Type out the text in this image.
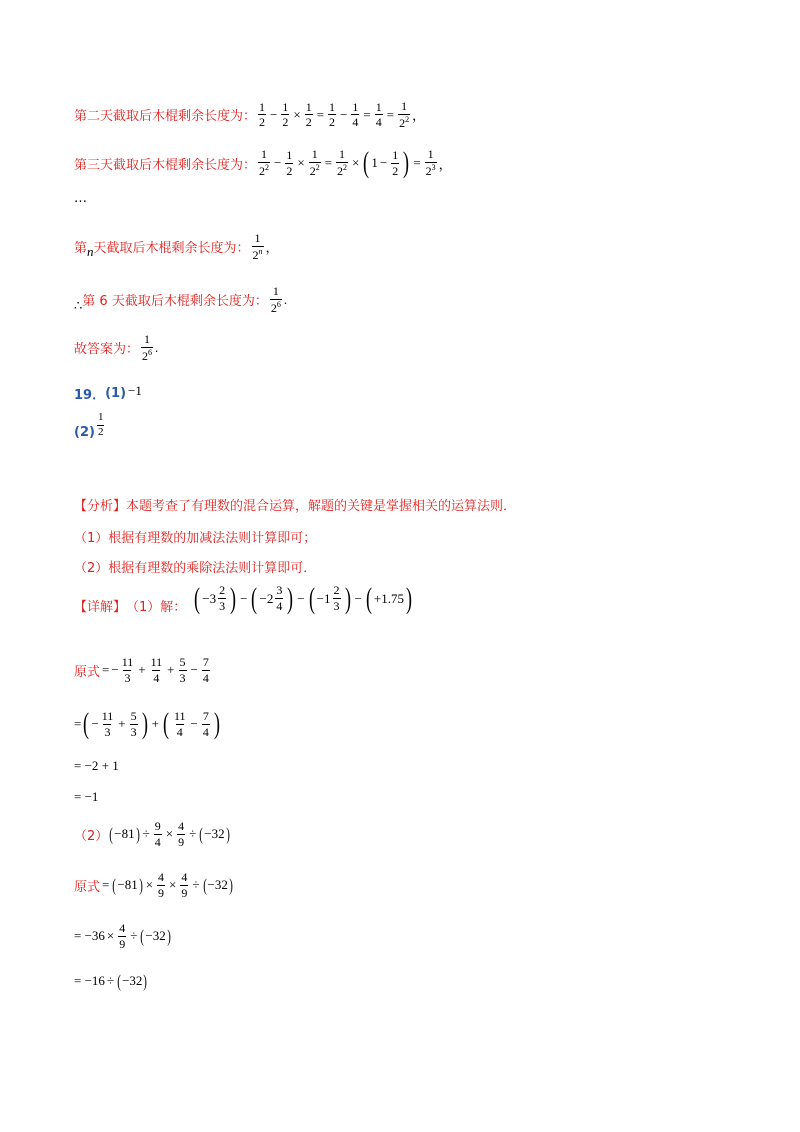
第二天截取后木棍剩余长度为： $\frac{1}{2} - \frac{1}{2} \times \frac{1}{2} = \frac{1}{2} - \frac{1}{4} = \frac{1}{4} = \frac{1}{2^2}$ ，
第三天截取后木棍剩余长度为： $\frac{1}{2^2} - \frac{1}{2} \times \frac{1}{2^2} = \frac{1}{2^2}$ × ( $1 - \frac{1}{2}$ ) = $\frac{1}{2^3}$ ，
…
第 n 天截取后木棍剩余长度为： $\frac{1}{2^n}$ ，
∴ 第 6 天截取后木棍剩余长度为： $\frac{1}{2^6}$ .
故答案为： $\frac{1}{2^6}$ .
19． (1) −1
$(2) \frac{1}{2}$
【分析】 本题考查了有理数的混合运算，解题的关键是掌握相关的运算法则．
（1）根据有理数的加减法法则计算即可；
（2）根据有理数的乘除法法则计算即可．
【详解】 （1）解： ( $-3 \frac{2}{3}$ ) − ( $-2 \frac{3}{4}$ ) − ( $-1 \frac{2}{3}$ ) − ( +1.75 )
原式 = − $\frac{11}{3} + \frac{11}{4} + \frac{5}{3} - \frac{7}{4}$
= ( − $\frac{11}{3} + \frac{5}{3}$ ) + ( $\frac{11}{4} - \frac{7}{4}$ )
= −2 + 1
= −1
（2） ( −81 ) ÷ $\frac{9}{4} \times \frac{4}{9}$ ÷ ( −32 )
原式 = ( −81 ) × $\frac{4}{9} \times \frac{4}{9}$ ÷ ( −32 )
= $-36 \times \frac{4}{9}$ ÷ ( −32 )
= −16 ÷ ( −32 )
